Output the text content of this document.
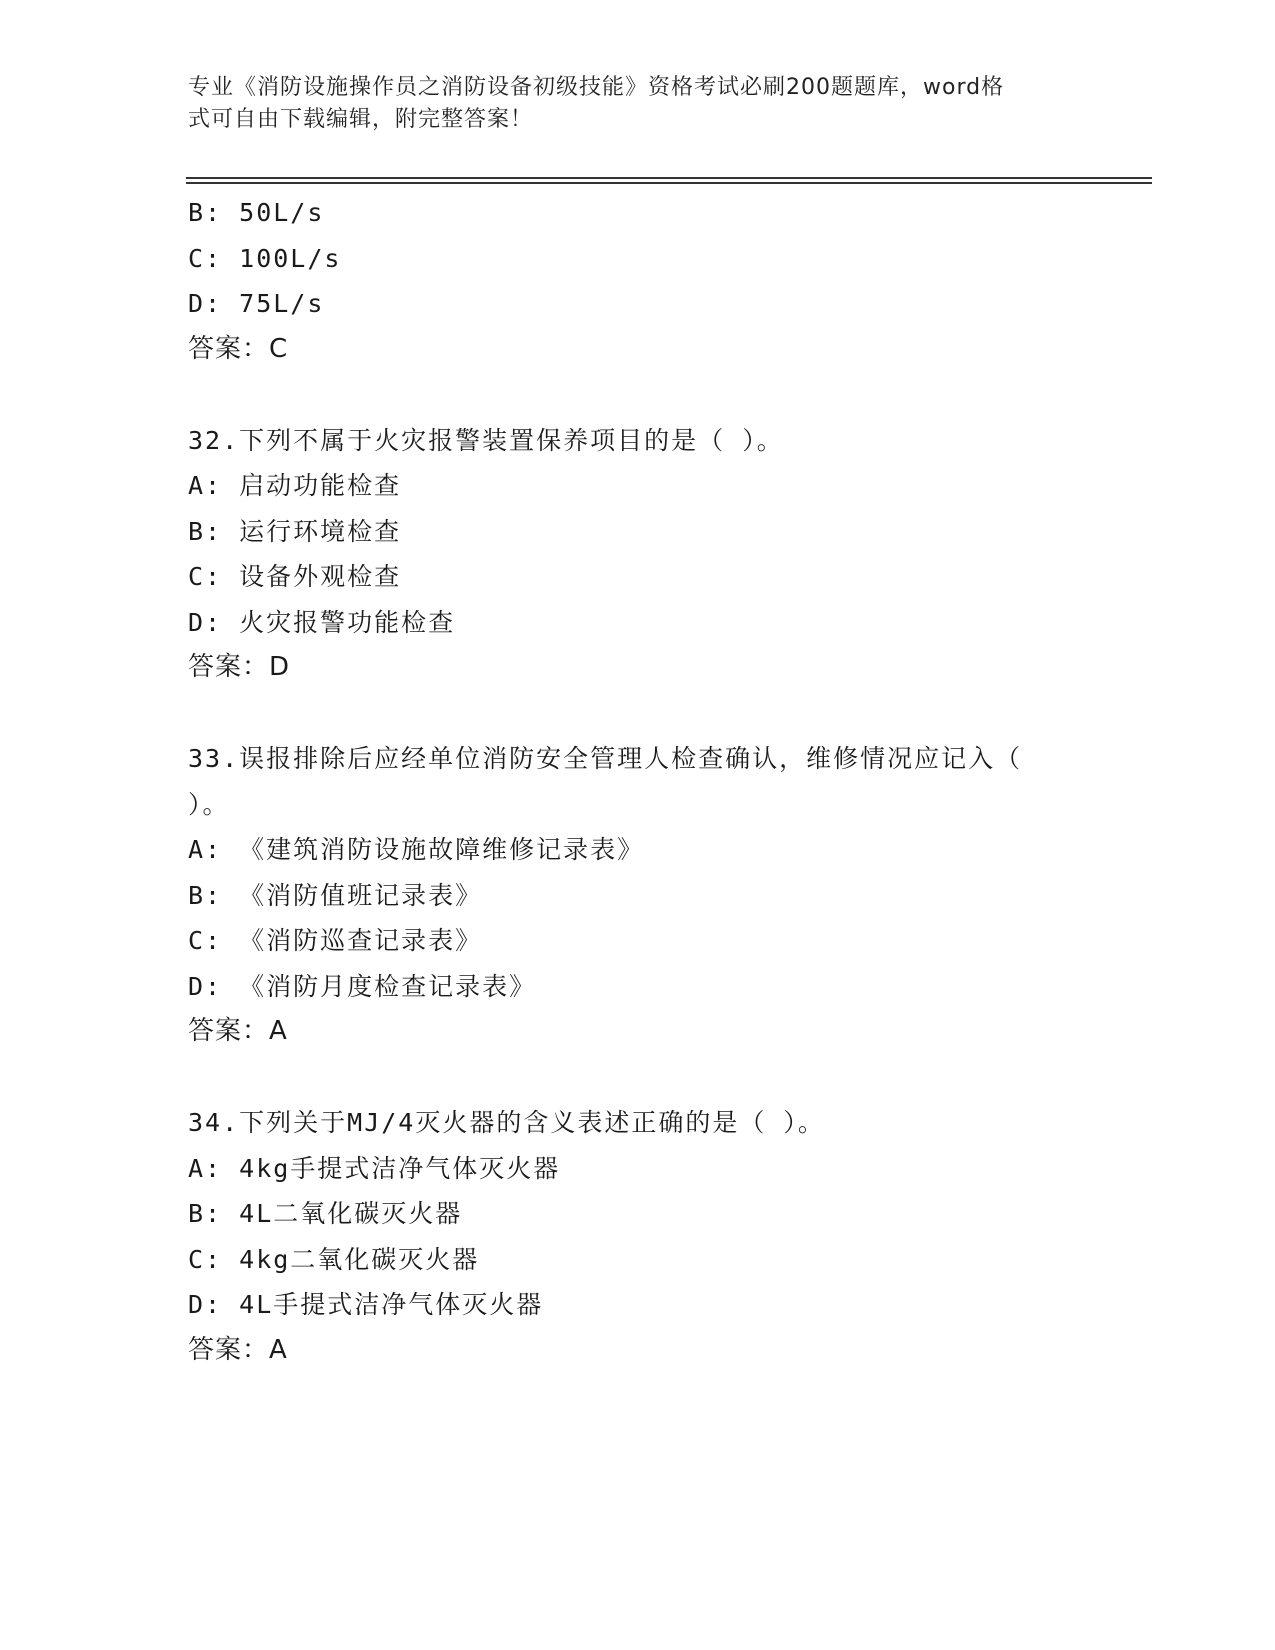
专业《消防设施操作员之消防设备初级技能》资格考试必刷200题题库，word格
式可自由下载编辑，附完整答案！
B: 50L/s
C: 100L/s
D: 75L/s
答案：C
32.下列不属于火灾报警装置保养项目的是（ ）。
A: 启动功能检查
B: 运行环境检查
C: 设备外观检查
D: 火灾报警功能检查
答案：D
33.误报排除后应经单位消防安全管理人检查确认，维修情况应记入（
）。
A: 《建筑消防设施故障维修记录表》
B: 《消防值班记录表》
C: 《消防巡查记录表》
D: 《消防月度检查记录表》
答案：A
34.下列关于MJ/4灭火器的含义表述正确的是（ ）。
A: 4kg手提式洁净气体灭火器
B: 4L二氧化碳灭火器
C: 4kg二氧化碳灭火器
D: 4L手提式洁净气体灭火器
答案：A
